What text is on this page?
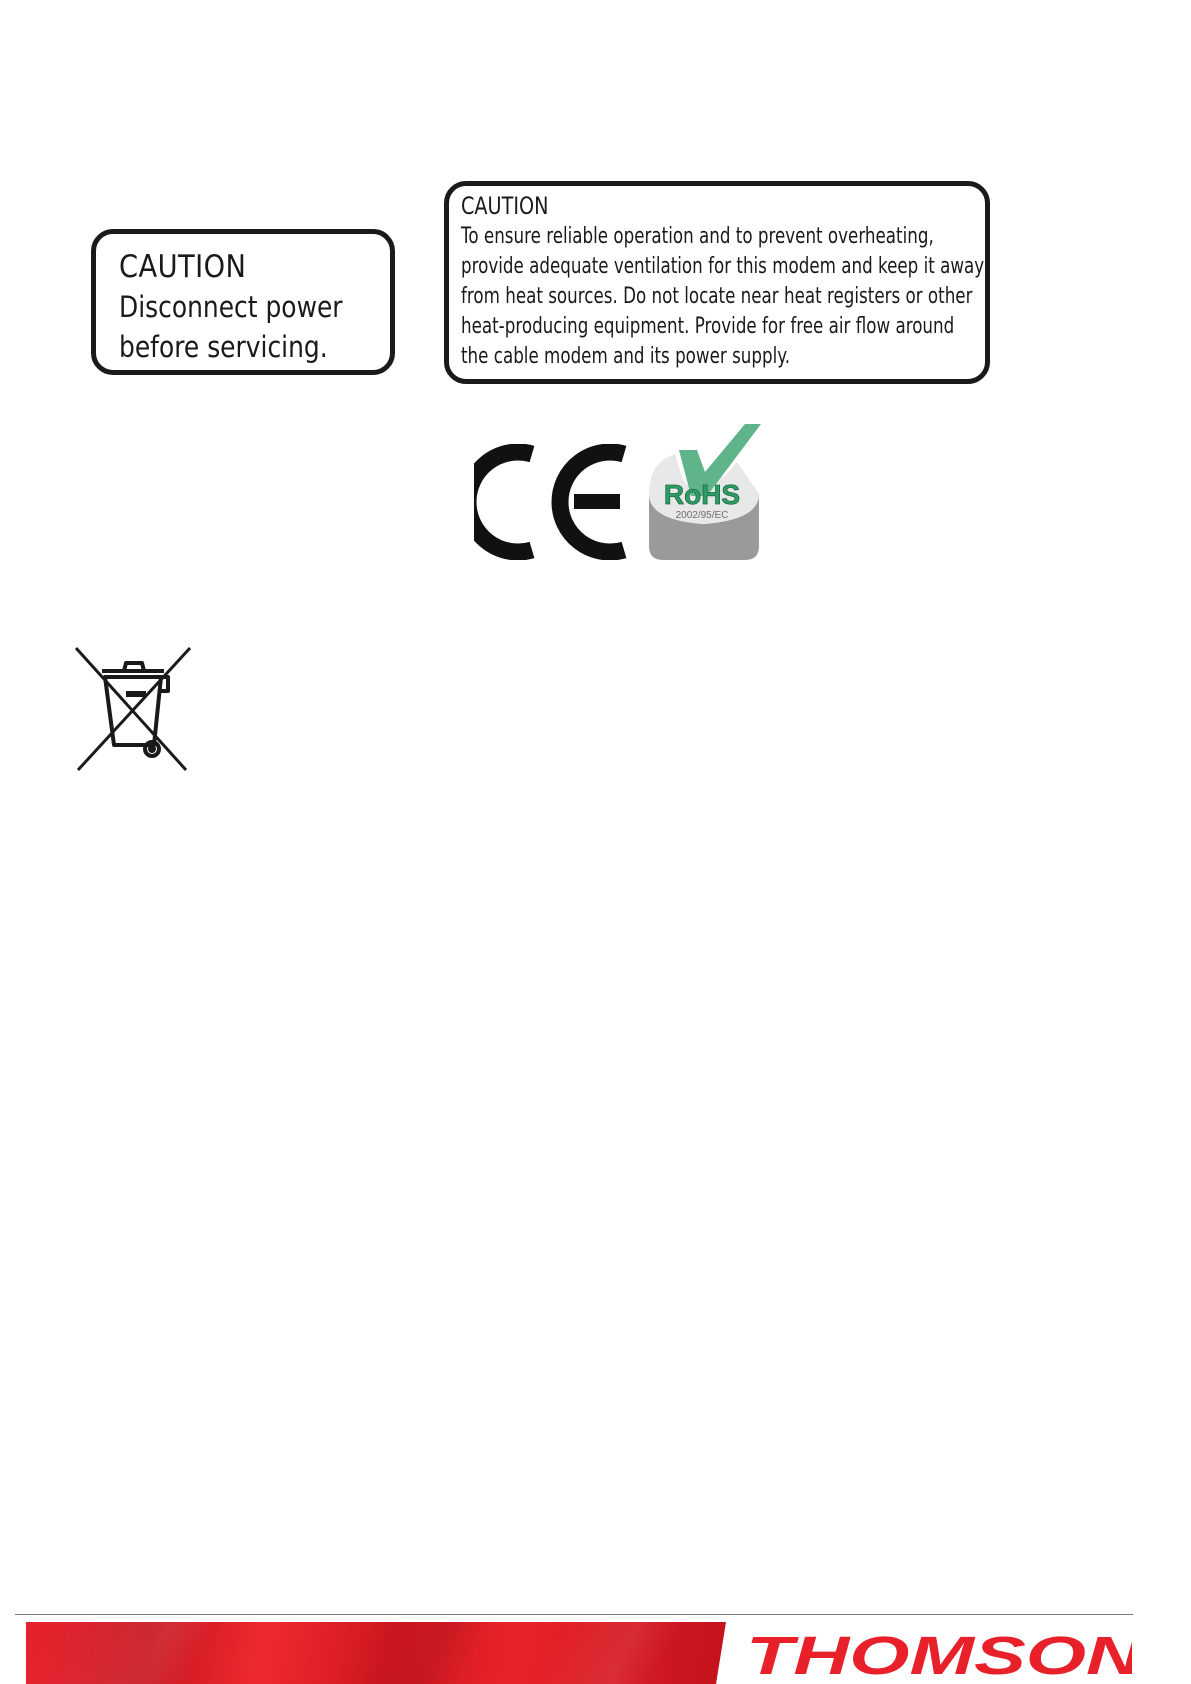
CAUTION
Disconnect power
before servicing.
CAUTION
To ensure reliable operation and to prevent overheating,
provide adequate ventilation for this modem and keep it away
from heat sources. Do not locate near heat registers or other
heat-producing equipment. Provide for free air flow around
the cable modem and its power supply.
RoHS
2002/95/EC
THOMSON
